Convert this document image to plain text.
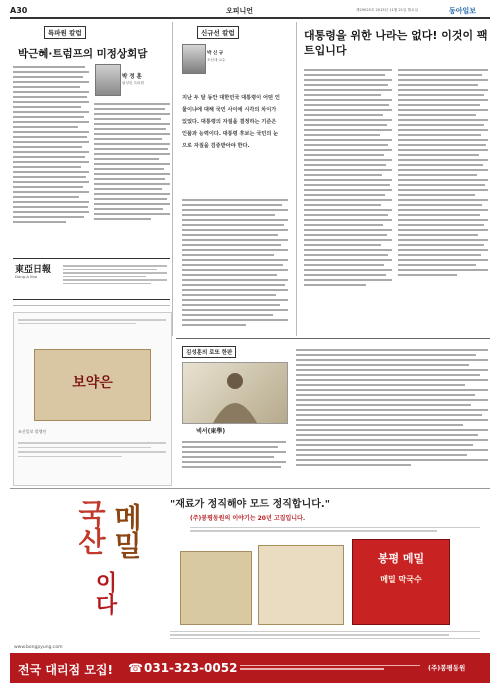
A30	오피니언	제29025호 2015년 11월 21일 월요일	동아일보
특파원 칼럼
박근혜·트럼프의 미정상회담
박 정 훈
워싱턴 특파원
東亞日報
Dong-A Ilbo
신규선 칼럼
박 신 규
조선대 교수
지난 두 달 동안 대한민국 대통령이 어떤 인물이냐에 대해 국민 사이에 시각의 차이가 있었다. 대통령의 자질을 결정하는 기준은 인품과 능력이다. 대통령 후보는 국민의 눈으로 자질을 검증받아야 한다.
대통령을 위한 나라는 없다! 이것이 팩트입니다
보약은
조선일보 발행인
김성훈의 로또 한판
넥서(東學)
"재료가 정직해야 모드 정직합니다."
(주)봉평동원의 이야기는 20년 고집입니다.
국산 메밀
이다
봉평 메밀
메밀 막국수
www.bongpyung.com
전국 대리점 모집! ☎ 031-323-0052	(주)봉평동원
